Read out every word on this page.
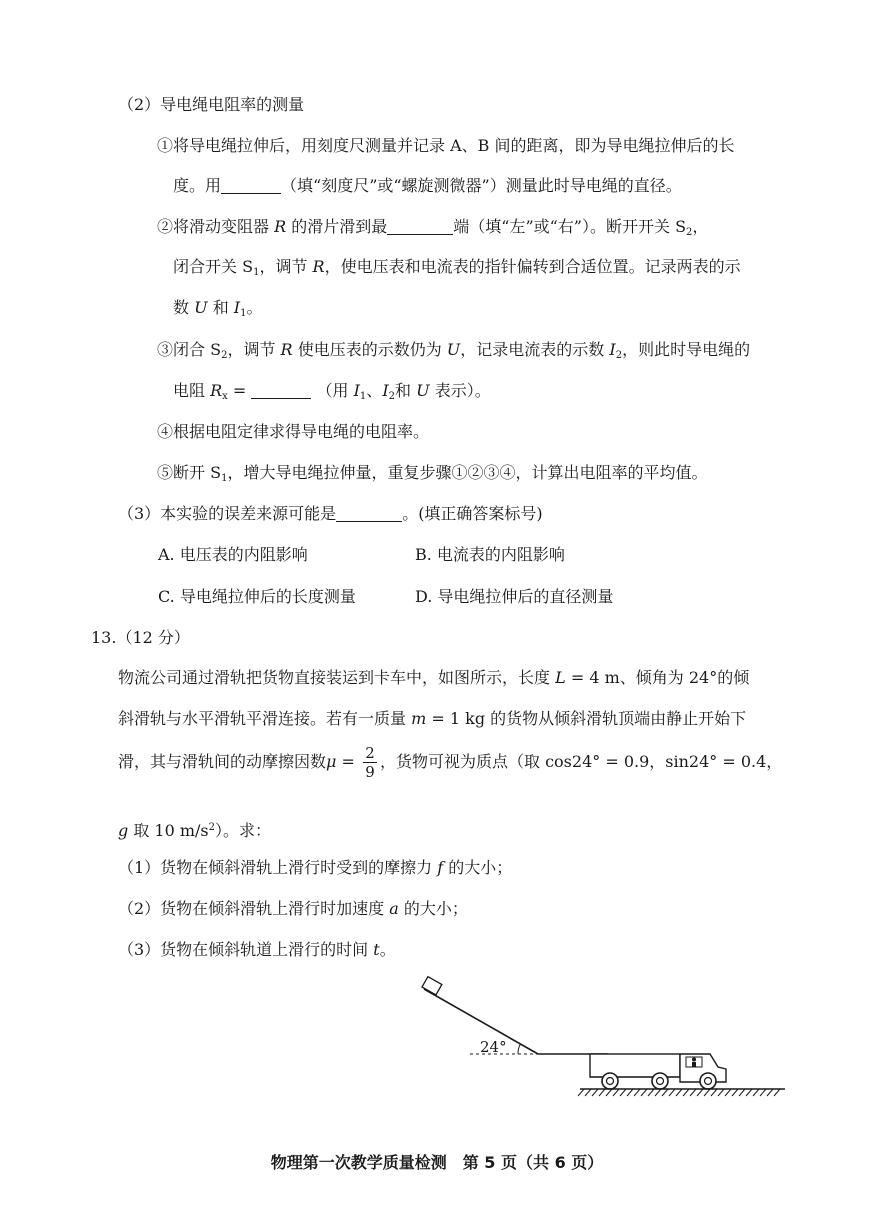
（2）导电绳电阻率的测量
①将导电绳拉伸后，用刻度尺测量并记录 A、B 间的距离，即为导电绳拉伸后的长
度。用	（填“刻度尺”或“螺旋测微器”）测量此时导电绳的直径。
②将滑动变阻器 R 的滑片滑到最	端（填“左”或“右”）。断开开关 $S_2$，
闭合开关 $S_1$，调节 R，使电压表和电流表的指针偏转到合适位置。记录两表的示
数 U 和 $I_1$。
③闭合 $S_2$，调节 R 使电压表的示数仍为 U，记录电流表的示数 $I_2$，则此时导电绳的
电阻 $R_x$ =	（用 $I_1$、$I_2$和 U 表示）。
④根据电阻定律求得导电绳的电阻率。
⑤断开 $S_1$，增大导电绳拉伸量，重复步骤①②③④，计算出电阻率的平均值。
（3）本实验的误差来源可能是	。(填正确答案标号)
A. 电压表的内阻影响	B. 电流表的内阻影响
C. 导电绳拉伸后的长度测量	D. 导电绳拉伸后的直径测量
13.（12 分）
物流公司通过滑轨把货物直接装运到卡车中，如图所示，长度 L = 4 m、倾角为 24°的倾
斜滑轨与水平滑轨平滑连接。若有一质量 m = 1 kg 的货物从倾斜滑轨顶端由静止开始下
滑，其与滑轨间的动摩擦因数$\mu = \frac{2}{9}$ ，货物可视为质点（取 cos24° = 0.9，sin24° = 0.4，
g 取 10 $m/s^2$）。求：
（1）货物在倾斜滑轨上滑行时受到的摩擦力 f 的大小；
（2）货物在倾斜滑轨上滑行时加速度 a 的大小；
（3）货物在倾斜轨道上滑行的时间 t。
24°
物理第一次教学质量检测　第 5 页（共 6 页）
